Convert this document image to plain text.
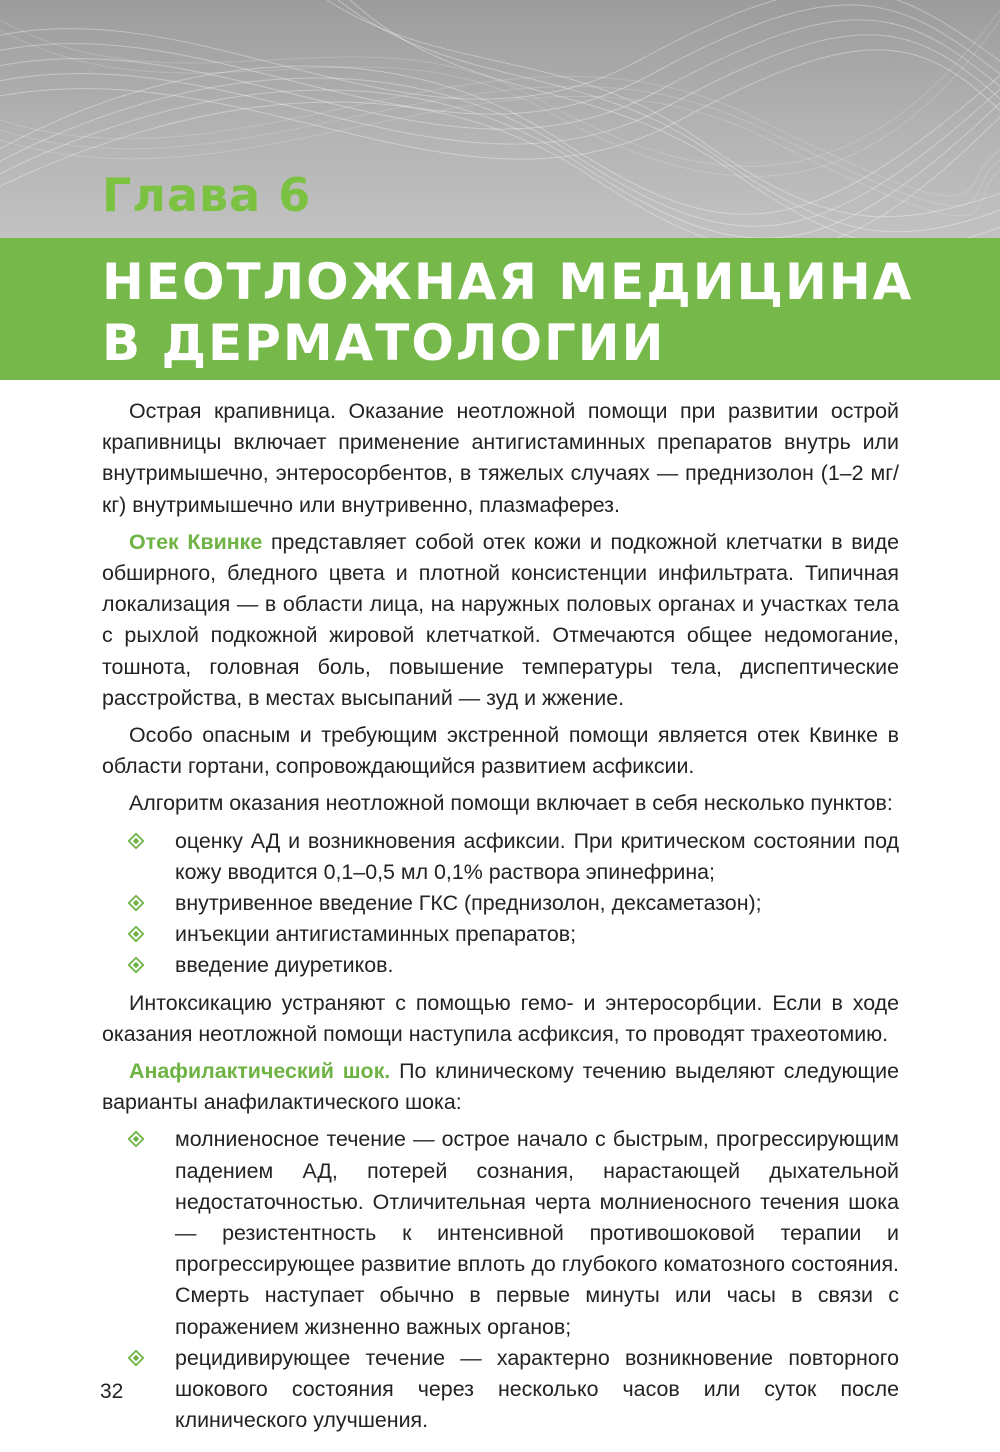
Глава 6
НЕОТЛОЖНАЯ МЕДИЦИНА
В ДЕРМАТОЛОГИИ

Острая крапивница. Оказание неотложной помощи при развитии острой крапивницы включает применение антигистаминных препаратов внутрь или внутримышечно, энтеросорбентов, в тяжелых случаях — преднизолон (1–2 мг/кг) внутримышечно или внутривенно, плазмаферез.

Отек Квинке представляет собой отек кожи и подкожной клетчатки в виде обширного, бледного цвета и плотной консистенции инфильтрата. Типичная локализация — в области лица, на наружных половых органах и участках тела с рыхлой подкожной жировой клетчаткой. Отмечаются общее недомогание, тошнота, головная боль, повышение температуры тела, диспептические расстройства, в местах высыпаний — зуд и жжение.

Особо опасным и требующим экстренной помощи является отек Квинке в области гортани, сопровождающийся развитием асфиксии.

Алгоритм оказания неотложной помощи включает в себя несколько пунктов:

оценку АД и возникновения асфиксии. При критическом состоянии под кожу вводится 0,1–0,5 мл 0,1% раствора эпинефрина;
внутривенное введение ГКС (преднизолон, дексаметазон);
инъекции антигистаминных препаратов;
введение диуретиков.

Интоксикацию устраняют с помощью гемо- и энтеросорбции. Если в ходе оказания неотложной помощи наступила асфиксия, то проводят трахеотомию.

Анафилактический шок. По клиническому течению выделяют следующие варианты анафилактического шока:

молниеносное течение — острое начало с быстрым, прогрессирующим падением АД, потерей сознания, нарастающей дыхательной недостаточностью. Отличительная черта молниеносного течения шока — резистентность к интенсивной противошоковой терапии и прогрессирующее развитие вплоть до глубокого коматозного состояния. Смерть наступает обычно в первые минуты или часы в связи с поражением жизненно важных органов;
рецидивирующее течение — характерно возникновение повторного шокового состояния через несколько часов или суток после клинического улучшения.
32
